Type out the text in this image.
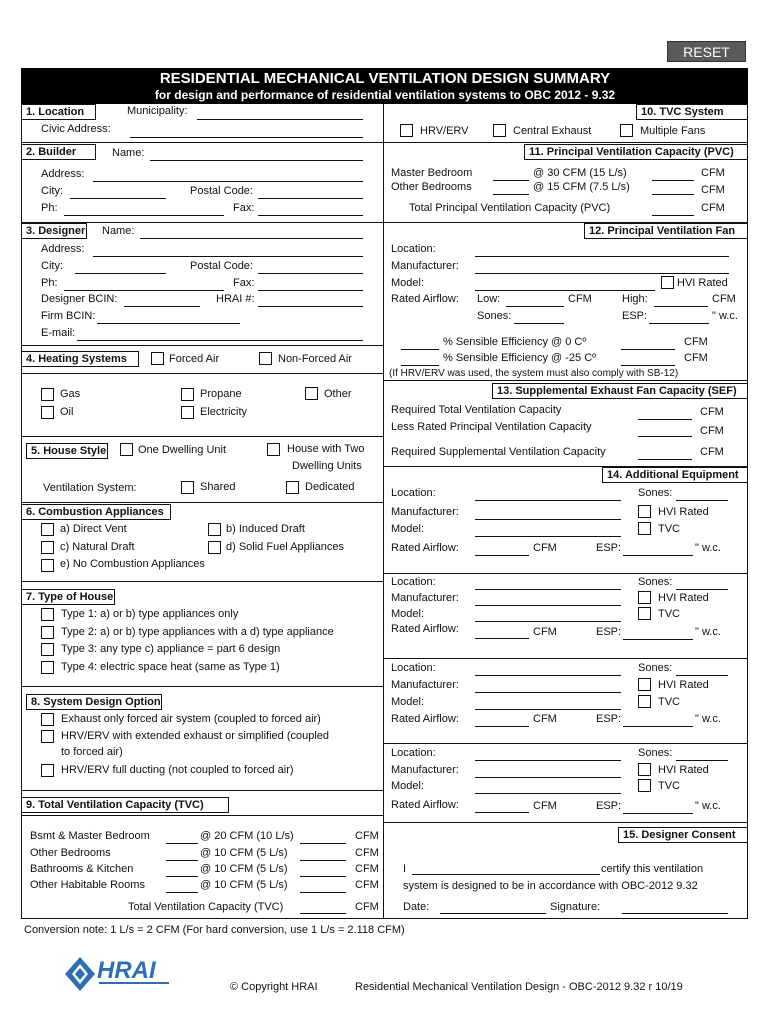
RESET
RESIDENTIAL MECHANICAL VENTILATION DESIGN SUMMARY
for design and performance of residential ventilation systems to OBC 2012 - 9.32
1. Location	Municipality:
Civic Address:
10. TVC System
HRV/ERV	Central Exhaust	Multiple Fans
2. Builder	Name:
Address:
City:	Postal Code:
Ph:	Fax:
11. Principal Ventilation Capacity (PVC)
Master Bedroom	@ 30 CFM (15 L/s)	CFM
Other Bedrooms	@ 15 CFM (7.5 L/s)	CFM
Total Principal Ventilation Capacity (PVC)	CFM
3. Designer Name:
Address:
City:	Postal Code:
Ph:	Fax:
Designer BCIN:	HRAI #:
Firm BCIN:
E-mail:
12. Principal Ventilation Fan
Location:
Manufacturer:
Model:	HVI Rated
Rated Airflow: Low:	CFM	High:	CFM
Sones:	ESP:	" w.c.
% Sensible Efficiency @ 0 Cº	CFM
% Sensible Efficiency @ -25 Cº	CFM
(If HRV/ERV was used, the system must also comply with SB-12)
4. Heating Systems	Forced Air	Non-Forced Air
Gas	Propane	Other
Oil	Electricity
13. Supplemental Exhaust Fan Capacity (SEF)
Required Total Ventilation Capacity	CFM
Less Rated Principal Ventilation Capacity	CFM
Required Supplemental Ventilation Capacity	CFM
5. House Style	One Dwelling Unit	House with Two
Dwelling Units
Ventilation System:	Shared	Dedicated
14. Additional Equipment
Location:	Sones:
Manufacturer:	HVI Rated
Model:	TVC
Rated Airflow:	CFM	ESP:	" w.c.
Location:	Sones:
Manufacturer:	HVI Rated
Model:	TVC
Rated Airflow:	CFM	ESP:	" w.c.
Location:	Sones:
Manufacturer:	HVI Rated
Model:	TVC
Rated Airflow:	CFM	ESP:	" w.c.
Location:	Sones:
Manufacturer:	HVI Rated
Model:	TVC
Rated Airflow:	CFM	ESP:	" w.c.
6. Combustion Appliances
a) Direct Vent	b) Induced Draft
c) Natural Draft	d) Solid Fuel Appliances
e) No Combustion Appliances
7. Type of House
Type 1: a) or b) type appliances only
Type 2: a) or b) type appliances with a d) type appliance
Type 3: any type c) appliance = part 6 design
Type 4: electric space heat (same as Type 1)
8. System Design Option
Exhaust only forced air system (coupled to forced air)
HRV/ERV with extended exhaust or simplified (coupled
to forced air)
HRV/ERV full ducting (not coupled to forced air)
9. Total Ventilation Capacity (TVC)
Bsmt & Master Bedroom	@ 20 CFM (10 L/s)	CFM
Other Bedrooms	@ 10 CFM (5 L/s)	CFM
Bathrooms & Kitchen	@ 10 CFM (5 L/s)	CFM
Other Habitable Rooms	@ 10 CFM (5 L/s)	CFM
Total Ventilation Capacity (TVC)	CFM
15. Designer Consent
I	certify this ventilation
system is designed to be in accordance with OBC-2012 9.32
Date:	Signature:
Conversion note: 1 L/s = 2 CFM (For hard conversion, use 1 L/s = 2.118 CFM)
HRAI
© Copyright HRAI	Residential Mechanical Ventilation Design - OBC-2012 9.32 r 10/19
